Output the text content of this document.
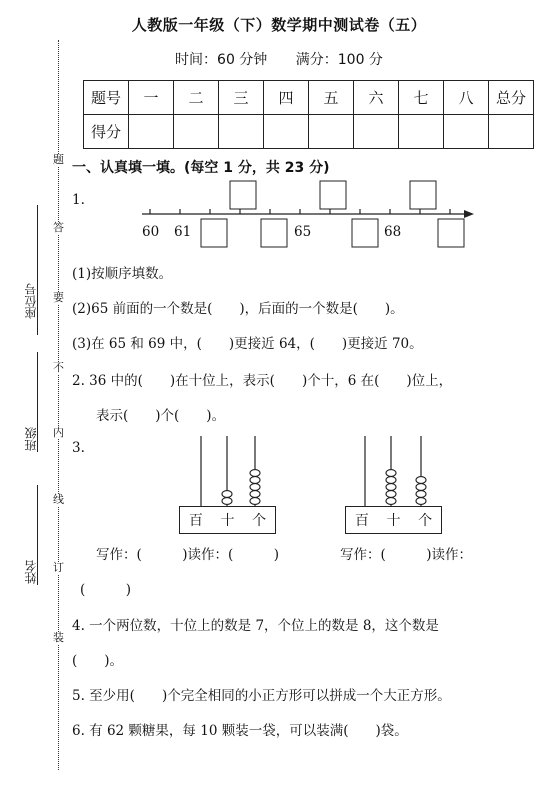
人教版一年级（下）数学期中测试卷（五）
时间：60 分钟 满分：100 分
题号	一	二	三	四	五	六	七	八	总分
得分									
题
答
要
不
内
线
订
装
座位号
班级
姓名
一、认真填一填。(每空 1 分，共 23 分)
1.
60 61	65	68
(1)按顺序填数。
(2)65 前面的一个数是(　　)，后面的一个数是(　　)。
(3)在 65 和 69 中，(　　)更接近 64，(　　)更接近 70。
2. 36 中的(　　)在十位上，表示(　　)个十，6 在(　　)位上，
表示(　　)个(　　)。
3.
百 十 个	百 十 个
写作：(　　　)读作：(　　　)	写作：(　　　)读作：
(　　　)
4. 一个两位数，十位上的数是 7，个位上的数是 8，这个数是
(　　)。
5. 至少用(　　)个完全相同的小正方形可以拼成一个大正方形。
6. 有 62 颗糖果，每 10 颗装一袋，可以装满(　　)袋。
